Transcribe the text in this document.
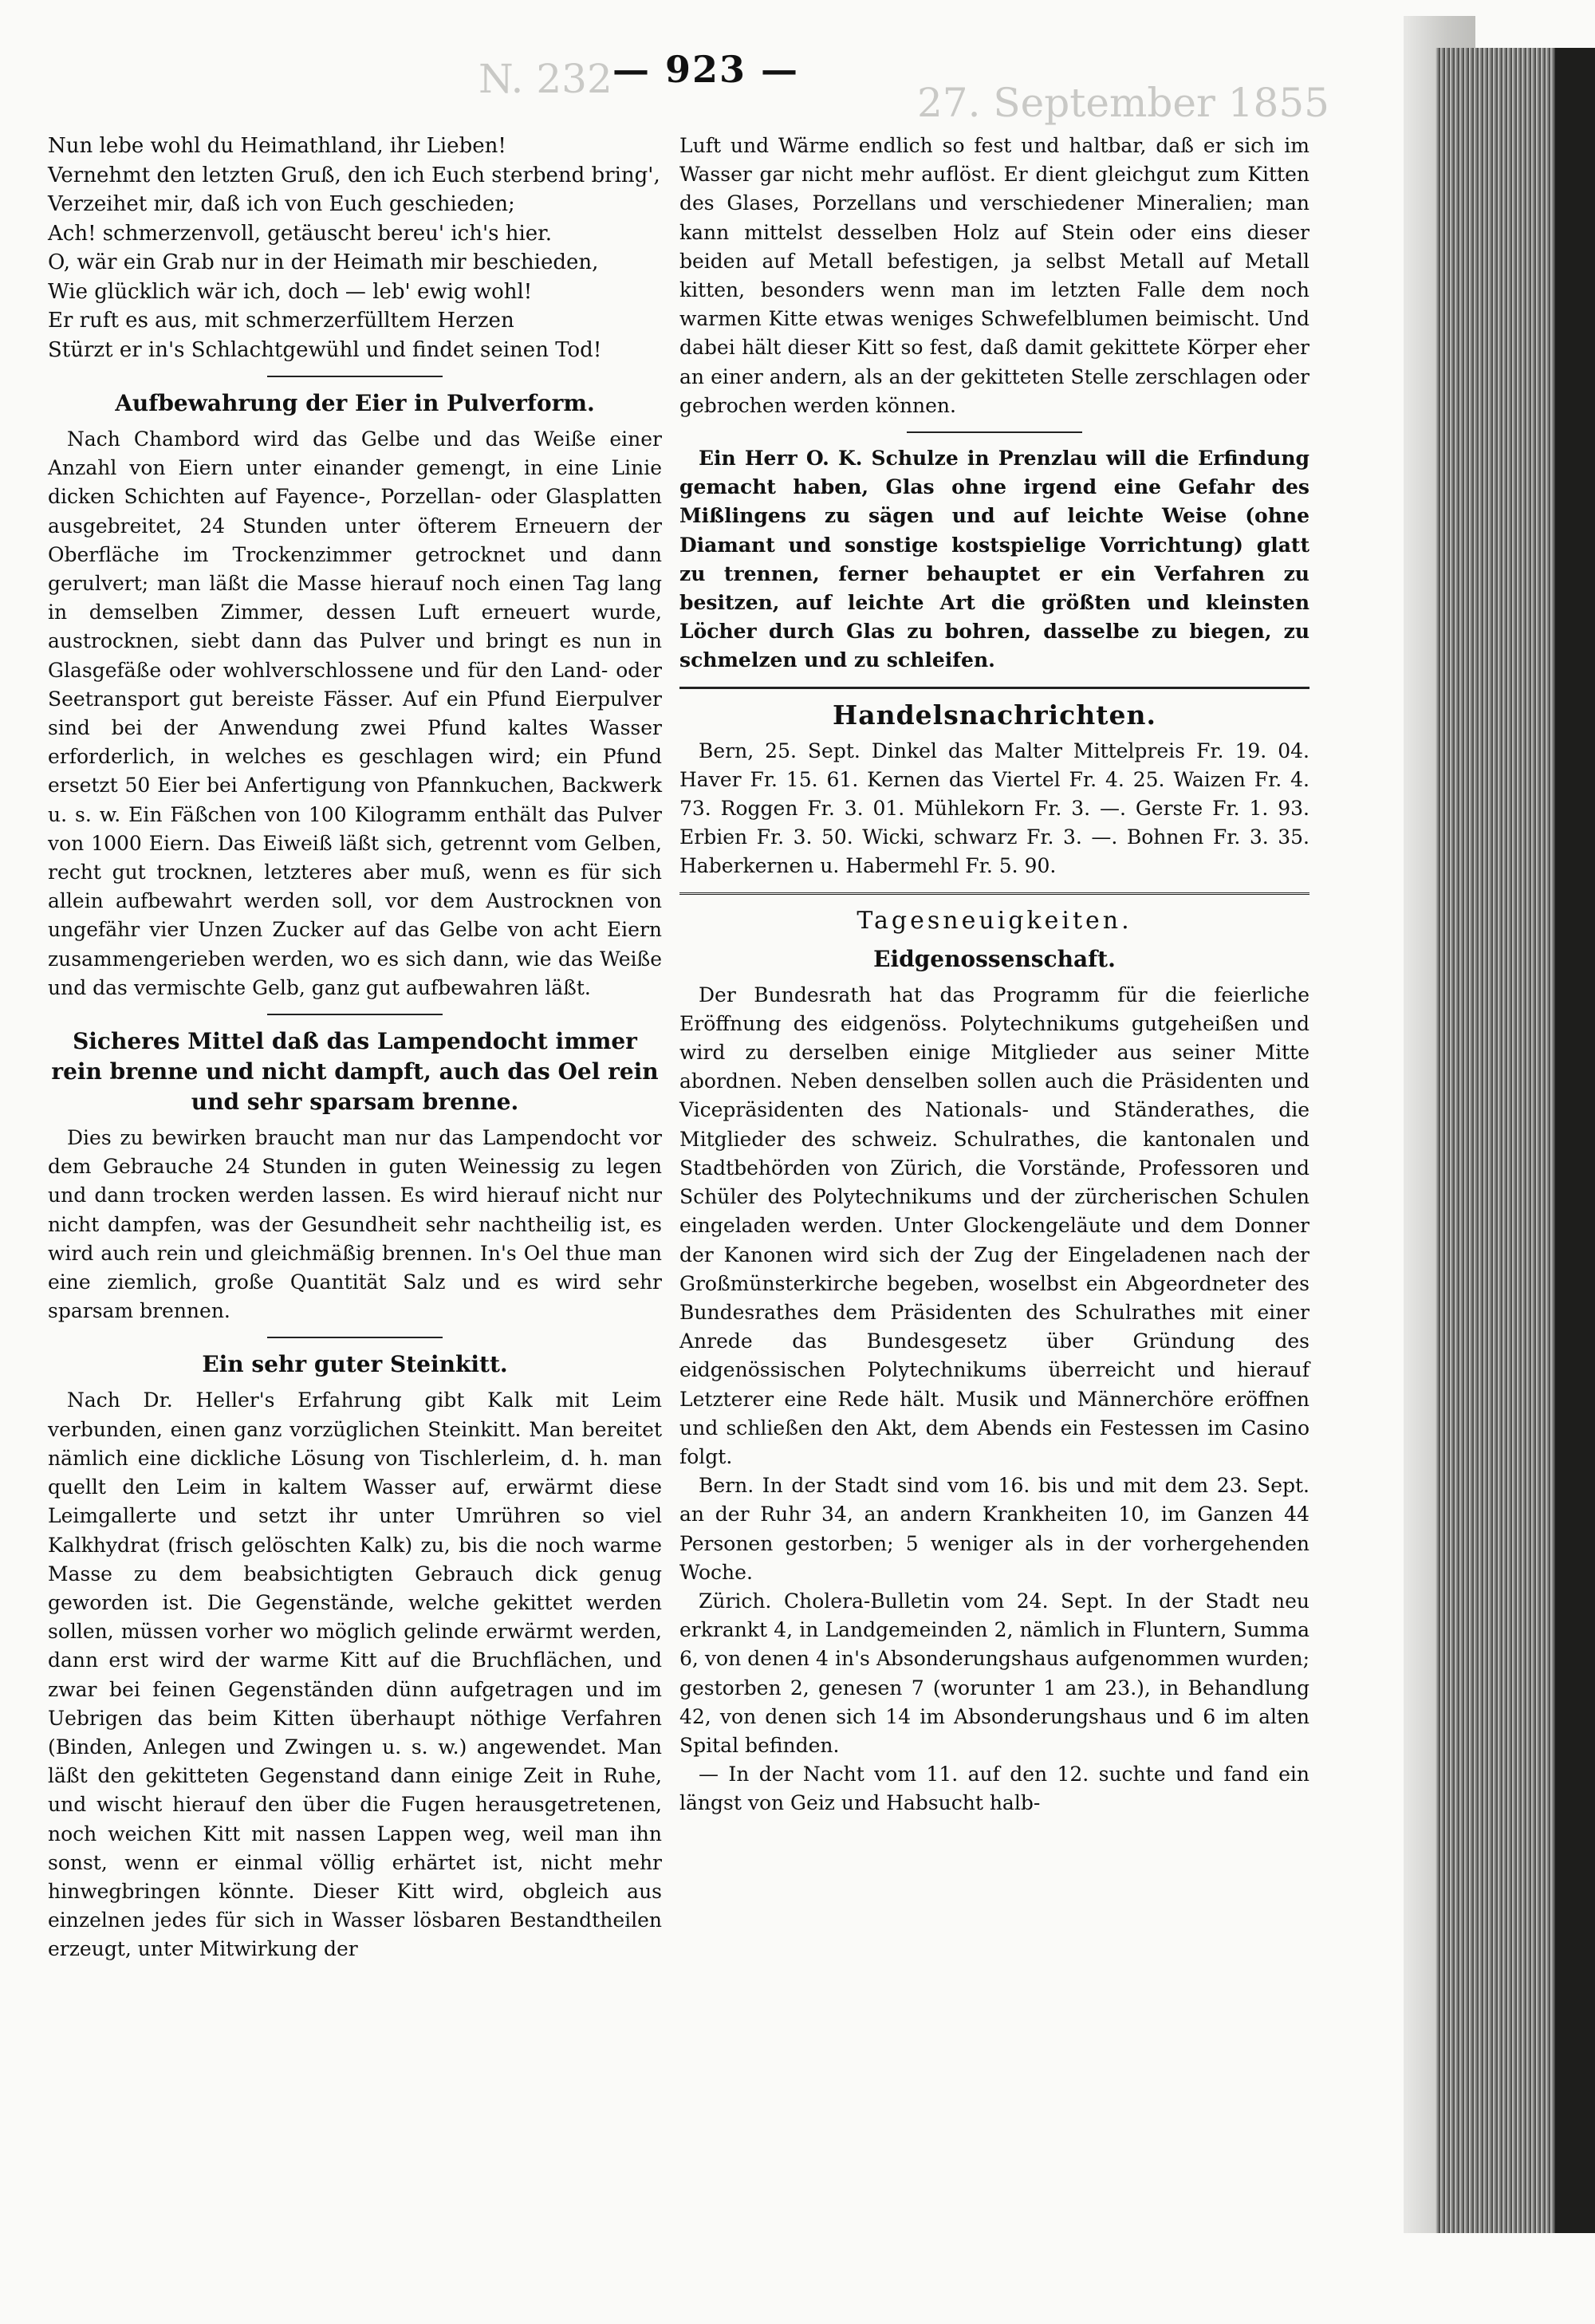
N. 232
27. September 1855
— 923 —
Nun lebe wohl du Heimathland, ihr Lieben!
Vernehmt den letzten Gruß, den ich Euch sterbend bring',
Verzeihet mir, daß ich von Euch geschieden;
Ach! schmerzenvoll, getäuscht bereu' ich's hier.
O, wär ein Grab nur in der Heimath mir beschieden,
Wie glücklich wär ich, doch — leb' ewig wohl!
Er ruft es aus, mit schmerzerfülltem Herzen
Stürzt er in's Schlachtgewühl und findet seinen Tod!
Aufbewahrung der Eier in Pulverform.

Nach Chambord wird das Gelbe und das Weiße einer Anzahl von Eiern unter einander gemengt, in eine Linie dicken Schichten auf Fayence-, Porzellan- oder Glasplatten ausgebreitet, 24 Stunden unter öfterem Erneuern der Oberfläche im Trockenzimmer getrocknet und dann gerulvert; man läßt die Masse hierauf noch einen Tag lang in demselben Zimmer, dessen Luft erneuert wurde, austrocknen, siebt dann das Pulver und bringt es nun in Glasgefäße oder wohlverschlossene und für den Land- oder Seetransport gut bereiste Fässer. Auf ein Pfund Eierpulver sind bei der Anwendung zwei Pfund kaltes Wasser erforderlich, in welches es geschlagen wird; ein Pfund ersetzt 50 Eier bei Anfertigung von Pfannkuchen, Backwerk u. s. w. Ein Fäßchen von 100 Kilogramm enthält das Pulver von 1000 Eiern. Das Eiweiß läßt sich, getrennt vom Gelben, recht gut trocknen, letzteres aber muß, wenn es für sich allein aufbewahrt werden soll, vor dem Austrocknen von ungefähr vier Unzen Zucker auf das Gelbe von acht Eiern zusammengerieben werden, wo es sich dann, wie das Weiße und das vermischte Gelb, ganz gut aufbewahren läßt.

Sicheres Mittel daß das Lampendocht immer rein brenne und nicht dampft, auch das Oel rein und sehr sparsam brenne.

Dies zu bewirken braucht man nur das Lampendocht vor dem Gebrauche 24 Stunden in guten Weinessig zu legen und dann trocken werden lassen. Es wird hierauf nicht nur nicht dampfen, was der Gesundheit sehr nachtheilig ist, es wird auch rein und gleichmäßig brennen. In's Oel thue man eine ziemlich, große Quantität Salz und es wird sehr sparsam brennen.

Ein sehr guter Steinkitt.

Nach Dr. Heller's Erfahrung gibt Kalk mit Leim verbunden, einen ganz vorzüglichen Steinkitt. Man bereitet nämlich eine dickliche Lösung von Tischlerleim, d. h. man quellt den Leim in kaltem Wasser auf, erwärmt diese Leimgallerte und setzt ihr unter Umrühren so viel Kalkhydrat (frisch gelöschten Kalk) zu, bis die noch warme Masse zu dem beabsichtigten Gebrauch dick genug geworden ist. Die Gegenstände, welche gekittet werden sollen, müssen vorher wo möglich gelinde erwärmt werden, dann erst wird der warme Kitt auf die Bruchflächen, und zwar bei feinen Gegenständen dünn aufgetragen und im Uebrigen das beim Kitten überhaupt nöthige Verfahren (Binden, Anlegen und Zwingen u. s. w.) angewendet. Man läßt den gekitteten Gegenstand dann einige Zeit in Ruhe, und wischt hierauf den über die Fugen herausgetretenen, noch weichen Kitt mit nassen Lappen weg, weil man ihn sonst, wenn er einmal völlig erhärtet ist, nicht mehr hinwegbringen könnte. Dieser Kitt wird, obgleich aus einzelnen jedes für sich in Wasser lösbaren Bestandtheilen erzeugt, unter Mitwirkung der

Luft und Wärme endlich so fest und haltbar, daß er sich im Wasser gar nicht mehr auflöst. Er dient gleichgut zum Kitten des Glases, Porzellans und verschiedener Mineralien; man kann mittelst desselben Holz auf Stein oder eins dieser beiden auf Metall befestigen, ja selbst Metall auf Metall kitten, besonders wenn man im letzten Falle dem noch warmen Kitte etwas weniges Schwefelblumen beimischt. Und dabei hält dieser Kitt so fest, daß damit gekittete Körper eher an einer andern, als an der gekitteten Stelle zerschlagen oder gebrochen werden können.

Ein Herr O. K. Schulze in Prenzlau will die Erfindung gemacht haben, Glas ohne irgend eine Gefahr des Mißlingens zu sägen und auf leichte Weise (ohne Diamant und sonstige kostspielige Vorrichtung) glatt zu trennen, ferner behauptet er ein Verfahren zu besitzen, auf leichte Art die größten und kleinsten Löcher durch Glas zu bohren, dasselbe zu biegen, zu schmelzen und zu schleifen.

Handelsnachrichten.

Bern, 25. Sept. Dinkel das Malter Mittelpreis Fr. 19. 04. Haver Fr. 15. 61. Kernen das Viertel Fr. 4. 25. Waizen Fr. 4. 73. Roggen Fr. 3. 01. Mühlekorn Fr. 3. —. Gerste Fr. 1. 93. Erbien Fr. 3. 50. Wicki, schwarz Fr. 3. —. Bohnen Fr. 3. 35. Haberkernen u. Habermehl Fr. 5. 90.

Tagesneuigkeiten.
Eidgenossenschaft.

Der Bundesrath hat das Programm für die feierliche Eröffnung des eidgenöss. Polytechnikums gutgeheißen und wird zu derselben einige Mitglieder aus seiner Mitte abordnen. Neben denselben sollen auch die Präsidenten und Vicepräsidenten des Nationals- und Ständerathes, die Mitglieder des schweiz. Schulrathes, die kantonalen und Stadtbehörden von Zürich, die Vorstände, Professoren und Schüler des Polytechnikums und der zürcherischen Schulen eingeladen werden. Unter Glockengeläute und dem Donner der Kanonen wird sich der Zug der Eingeladenen nach der Großmünsterkirche begeben, woselbst ein Abgeordneter des Bundesrathes dem Präsidenten des Schulrathes mit einer Anrede das Bundesgesetz über Gründung des eidgenössischen Polytechnikums überreicht und hierauf Letzterer eine Rede hält. Musik und Männerchöre eröffnen und schließen den Akt, dem Abends ein Festessen im Casino folgt.

Bern. In der Stadt sind vom 16. bis und mit dem 23. Sept. an der Ruhr 34, an andern Krankheiten 10, im Ganzen 44 Personen gestorben; 5 weniger als in der vorhergehenden Woche.

Zürich. Cholera-Bulletin vom 24. Sept. In der Stadt neu erkrankt 4, in Landgemeinden 2, nämlich in Fluntern, Summa 6, von denen 4 in's Absonderungshaus aufgenommen wurden; gestorben 2, genesen 7 (worunter 1 am 23.), in Behandlung 42, von denen sich 14 im Absonderungshaus und 6 im alten Spital befinden.

— In der Nacht vom 11. auf den 12. suchte und fand ein längst von Geiz und Habsucht halb-
